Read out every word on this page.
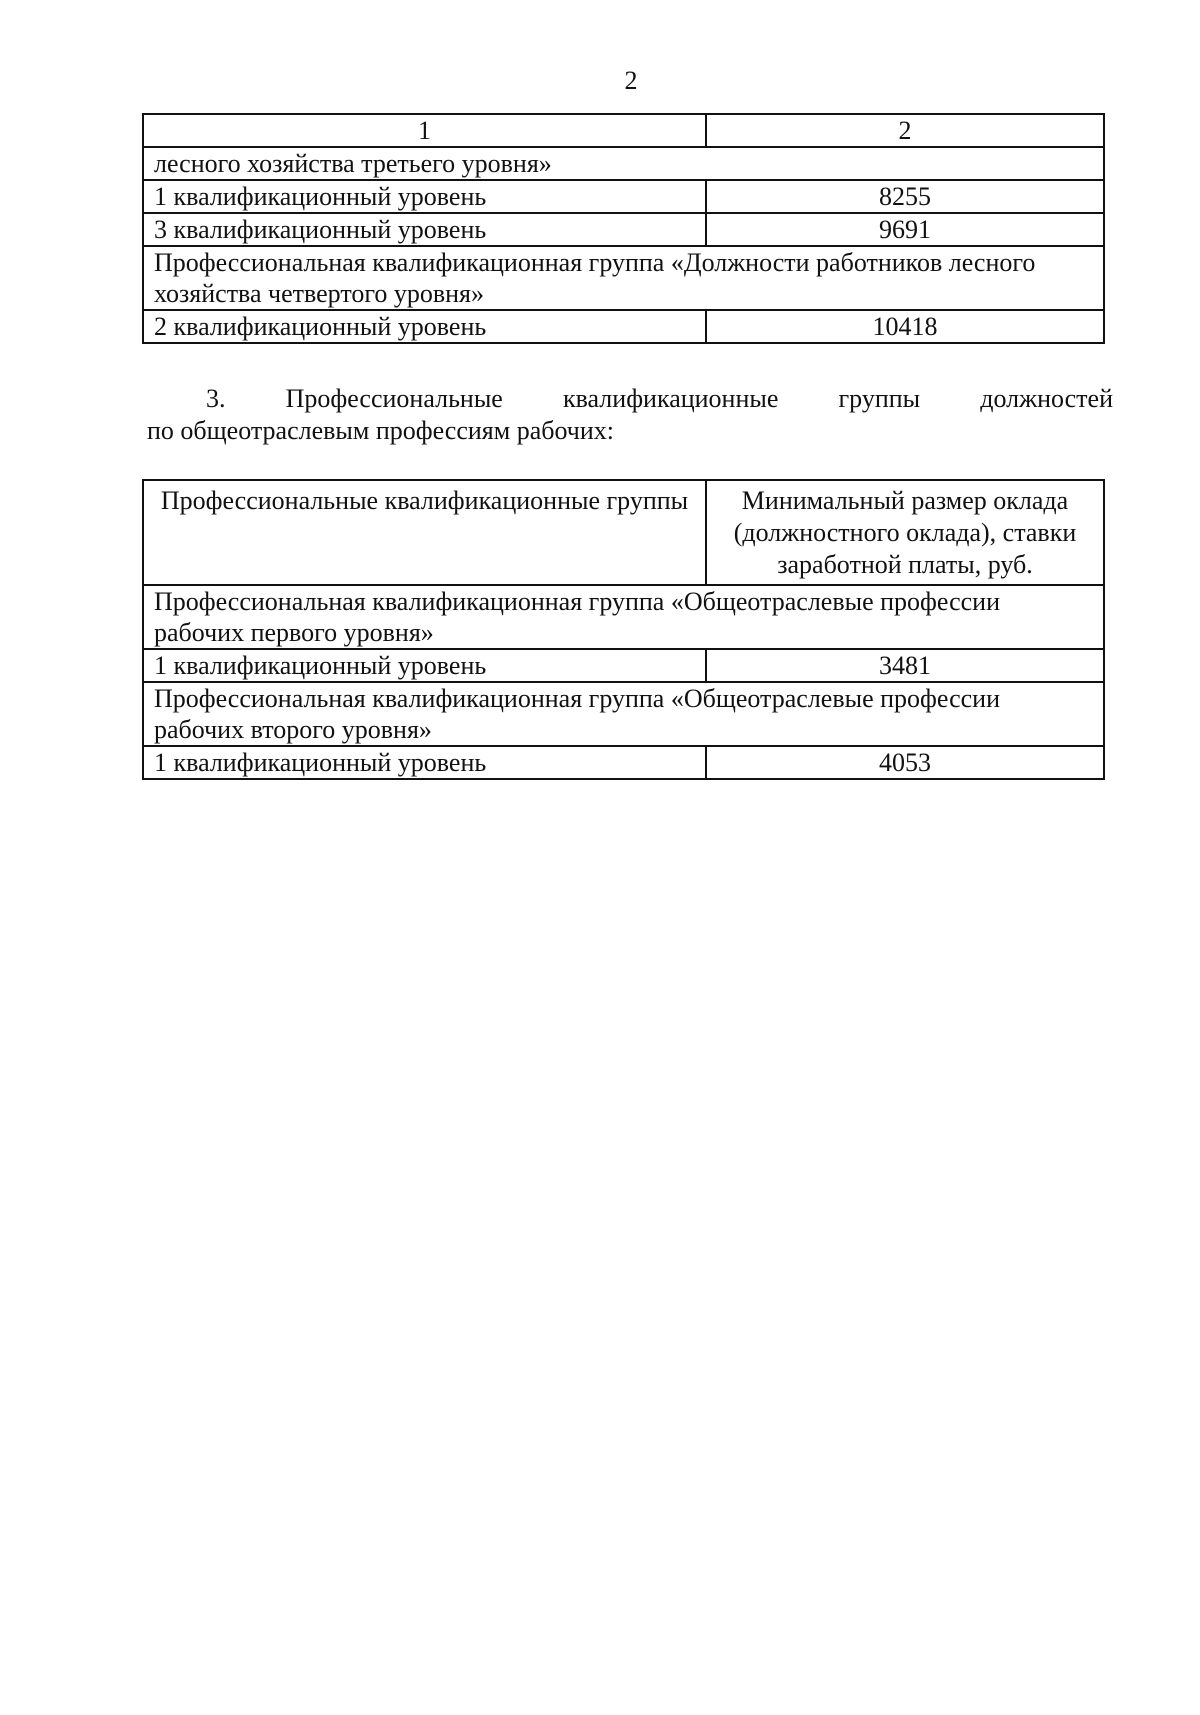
2
1	2
лесного хозяйства третьего уровня»	
1 квалификационный уровень	8255
3 квалификационный уровень	9691
Профессиональная квалификационная группа «Должности работников лесного хозяйства четвертого уровня»	
2 квалификационный уровень	10418
3. Профессиональные квалификационные группы должностей
по общеотраслевым профессиям рабочих:
Профессиональные квалификационные группы	Минимальный размер оклада (должностного оклада), ставки заработной платы, руб.
Профессиональная квалификационная группа «Общеотраслевые профессии рабочих первого уровня»	
1 квалификационный уровень	3481
Профессиональная квалификационная группа «Общеотраслевые профессии рабочих второго уровня»	
1 квалификационный уровень	4053
